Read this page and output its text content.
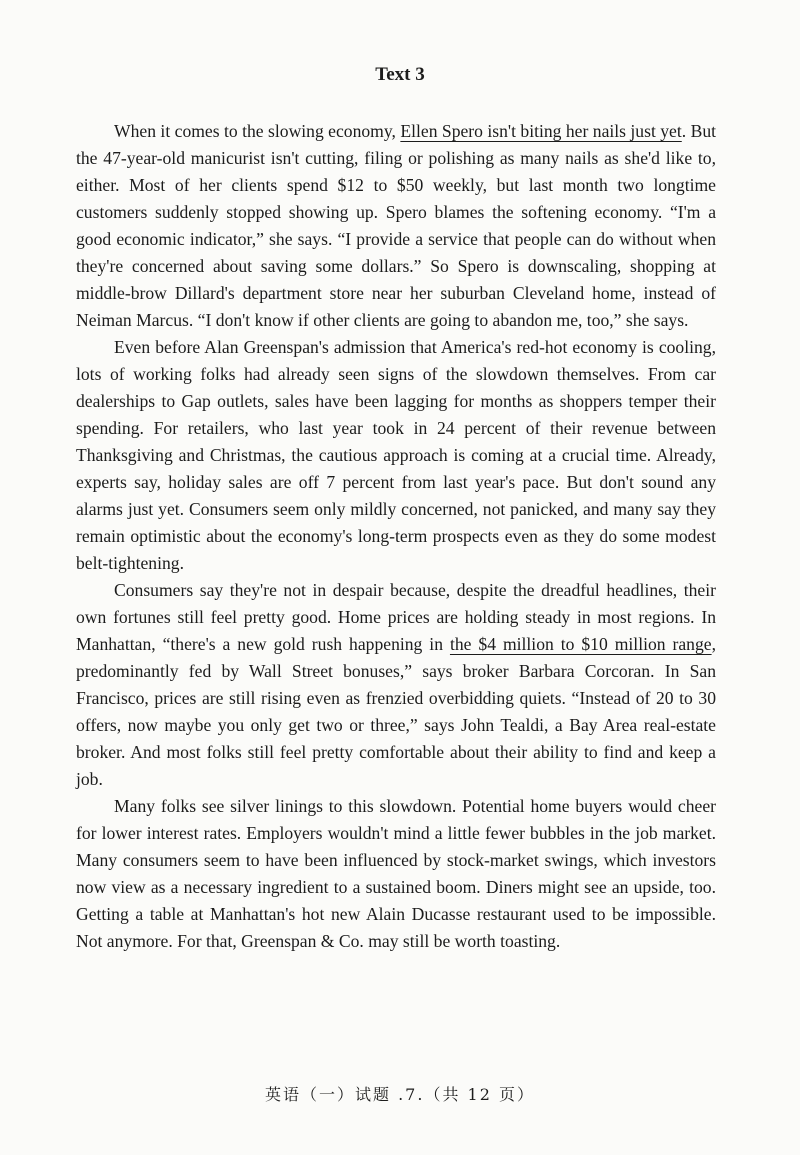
Text 3

When it comes to the slowing economy, Ellen Spero isn't biting her nails just yet. But the 47-year-old manicurist isn't cutting, filing or polishing as many nails as she'd like to, either. Most of her clients spend $12 to $50 weekly, but last month two longtime customers suddenly stopped showing up. Spero blames the softening economy. “I'm a good economic indicator,” she says. “I provide a service that people can do without when they're concerned about saving some dollars.” So Spero is downscaling, shopping at middle-brow Dillard's department store near her suburban Cleveland home, instead of Neiman Marcus. “I don't know if other clients are going to abandon me, too,” she says.

Even before Alan Greenspan's admission that America's red-hot economy is cooling, lots of working folks had already seen signs of the slowdown themselves. From car dealerships to Gap outlets, sales have been lagging for months as shoppers temper their spending. For retailers, who last year took in 24 percent of their revenue between Thanksgiving and Christmas, the cautious approach is coming at a crucial time. Already, experts say, holiday sales are off 7 percent from last year's pace. But don't sound any alarms just yet. Consumers seem only mildly concerned, not panicked, and many say they remain optimistic about the economy's long-term prospects even as they do some modest belt-tightening.

Consumers say they're not in despair because, despite the dreadful headlines, their own fortunes still feel pretty good. Home prices are holding steady in most regions. In Manhattan, “there's a new gold rush happening in the $4 million to $10 million range, predominantly fed by Wall Street bonuses,” says broker Barbara Corcoran. In San Francisco, prices are still rising even as frenzied overbidding quiets. “Instead of 20 to 30 offers, now maybe you only get two or three,” says John Tealdi, a Bay Area real-estate broker. And most folks still feel pretty comfortable about their ability to find and keep a job.

Many folks see silver linings to this slowdown. Potential home buyers would cheer for lower interest rates. Employers wouldn't mind a little fewer bubbles in the job market. Many consumers seem to have been influenced by stock-market swings, which investors now view as a necessary ingredient to a sustained boom. Diners might see an upside, too. Getting a table at Manhattan's hot new Alain Ducasse restaurant used to be impossible. Not anymore. For that, Greenspan & Co. may still be worth toasting.

英语（一）试题 .7.（共 12 页）
